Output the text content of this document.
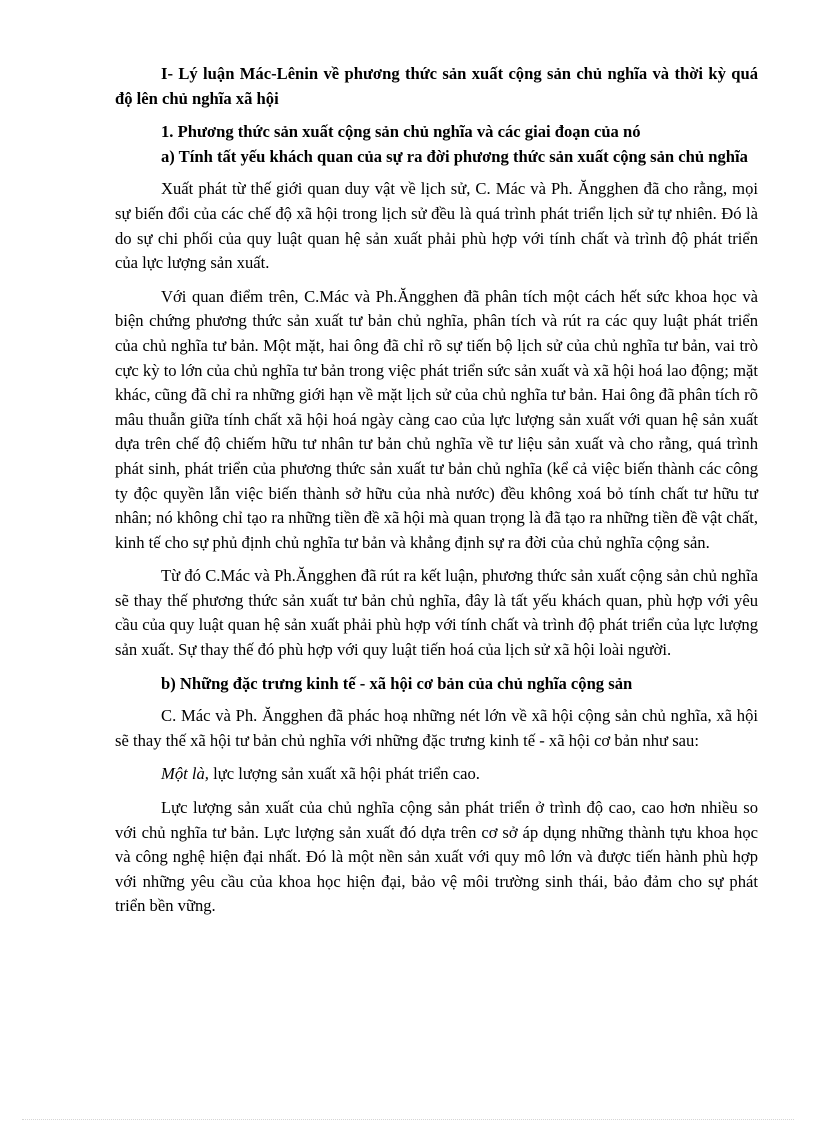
I- Lý luận Mác-Lênin về phương thức sản xuất cộng sản chủ nghĩa và thời kỳ quá độ lên chủ nghĩa xã hội

1. Phương thức sản xuất cộng sản chủ nghĩa và các giai đoạn của nó

a) Tính tất yếu khách quan của sự ra đời phương thức sản xuất cộng sản chủ nghĩa

Xuất phát từ thế giới quan duy vật về lịch sử, C. Mác và Ph. Ăngghen đã cho rằng, mọi sự biến đổi của các chế độ xã hội trong lịch sử đều là quá trình phát triển lịch sử tự nhiên. Đó là do sự chi phối của quy luật quan hệ sản xuất phải phù hợp với tính chất và trình độ phát triển của lực lượng sản xuất.

Với quan điểm trên, C.Mác và Ph.Ăngghen đã phân tích một cách hết sức khoa học và biện chứng phương thức sản xuất tư bản chủ nghĩa, phân tích và rút ra các quy luật phát triển của chủ nghĩa tư bản. Một mặt, hai ông đã chỉ rõ sự tiến bộ lịch sử của chủ nghĩa tư bản, vai trò cực kỳ to lớn của chủ nghĩa tư bản trong việc phát triển sức sản xuất và xã hội hoá lao động; mặt khác, cũng đã chỉ ra những giới hạn về mặt lịch sử của chủ nghĩa tư bản. Hai ông đã phân tích rõ mâu thuẫn giữa tính chất xã hội hoá ngày càng cao của lực lượng sản xuất với quan hệ sản xuất dựa trên chế độ chiếm hữu tư nhân tư bản chủ nghĩa về tư liệu sản xuất và cho rằng, quá trình phát sinh, phát triển của phương thức sản xuất tư bản chủ nghĩa (kể cả việc biến thành các công ty độc quyền lẫn việc biến thành sở hữu của nhà nước) đều không xoá bỏ tính chất tư hữu tư nhân; nó không chỉ tạo ra những tiền đề xã hội mà quan trọng là đã tạo ra những tiền đề vật chất, kinh tế cho sự phủ định chủ nghĩa tư bản và khẳng định sự ra đời của chủ nghĩa cộng sản.

Từ đó C.Mác và Ph.Ăngghen đã rút ra kết luận, phương thức sản xuất cộng sản chủ nghĩa sẽ thay thế phương thức sản xuất tư bản chủ nghĩa, đây là tất yếu khách quan, phù hợp với yêu cầu của quy luật quan hệ sản xuất phải phù hợp với tính chất và trình độ phát triển của lực lượng sản xuất. Sự thay thế đó phù hợp với quy luật tiến hoá của lịch sử xã hội loài người.

b) Những đặc trưng kinh tế - xã hội cơ bản của chủ nghĩa cộng sản

C. Mác và Ph. Ăngghen đã phác hoạ những nét lớn về xã hội cộng sản chủ nghĩa, xã hội sẽ thay thế xã hội tư bản chủ nghĩa với những đặc trưng kinh tế - xã hội cơ bản như sau:

Một là, lực lượng sản xuất xã hội phát triển cao.

Lực lượng sản xuất của chủ nghĩa cộng sản phát triển ở trình độ cao, cao hơn nhiều so với chủ nghĩa tư bản. Lực lượng sản xuất đó dựa trên cơ sở áp dụng những thành tựu khoa học và công nghệ hiện đại nhất. Đó là một nền sản xuất với quy mô lớn và được tiến hành phù hợp với những yêu cầu của khoa học hiện đại, bảo vệ môi trường sinh thái, bảo đảm cho sự phát triển bền vững.
